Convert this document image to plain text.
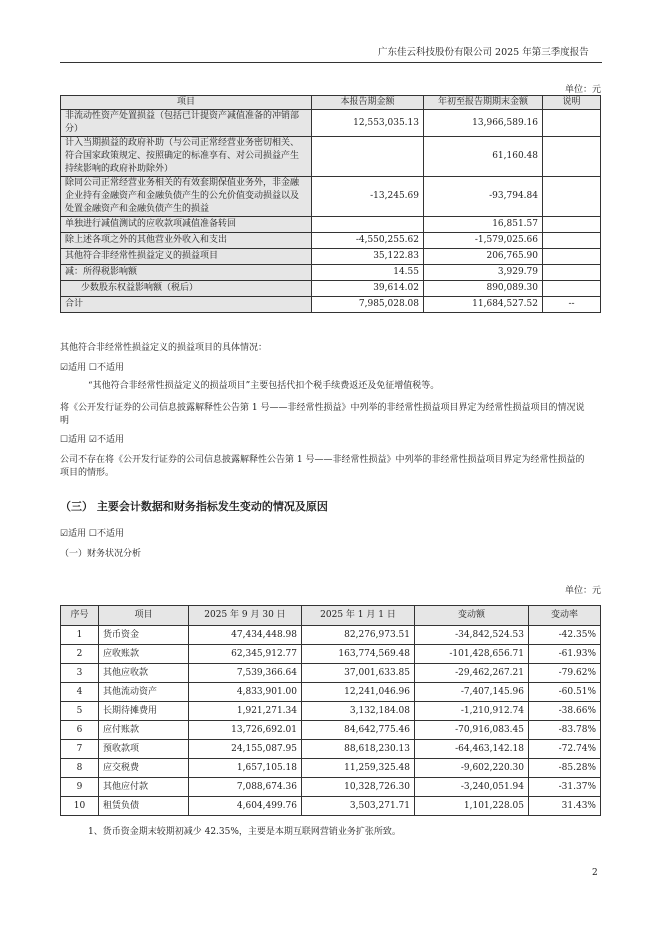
广东佳云科技股份有限公司 2025 年第三季度报告
单位：元
项目	本报告期金额	年初至报告期期末金额	说明
非流动性资产处置损益（包括已计提资产减值准备的冲销部分）	12,553,035.13	13,966,589.16	
计入当期损益的政府补助（与公司正常经营业务密切相关、符合国家政策规定、按照确定的标准享有、对公司损益产生持续影响的政府补助除外）		61,160.48	
除同公司正常经营业务相关的有效套期保值业务外，非金融企业持有金融资产和金融负债产生的公允价值变动损益以及处置金融资产和金融负债产生的损益	-13,245.69	-93,794.84	
单独进行减值测试的应收款项减值准备转回		16,851.57	
除上述各项之外的其他营业外收入和支出	-4,550,255.62	-1,579,025.66	
其他符合非经常性损益定义的损益项目	35,122.83	206,765.90	
减：所得税影响额	14.55	3,929.79	
少数股东权益影响额（税后）	39,614.02	890,089.30	
合计	7,985,028.08	11,684,527.52	--
其他符合非经常性损益定义的损益项目的具体情况：
☑适用 ☐不适用
“其他符合非经常性损益定义的损益项目”主要包括代扣个税手续费返还及免征增值税等。
将《公开发行证券的公司信息披露解释性公告第 1 号——非经常性损益》中列举的非经常性损益项目界定为经常性损益项目的情况说明
☐适用 ☑不适用
公司不存在将《公开发行证券的公司信息披露解释性公告第 1 号——非经常性损益》中列举的非经常性损益项目界定为经常性损益的项目的情形。
（三） 主要会计数据和财务指标发生变动的情况及原因
☑适用 ☐不适用
（一）财务状况分析
单位：元
序号	项目	2025 年 9 月 30 日	2025 年 1 月 1 日	变动额	变动率
1	货币资金	47,434,448.98	82,276,973.51	-34,842,524.53	-42.35%
2	应收账款	62,345,912.77	163,774,569.48	-101,428,656.71	-61.93%
3	其他应收款	7,539,366.64	37,001,633.85	-29,462,267.21	-79.62%
4	其他流动资产	4,833,901.00	12,241,046.96	-7,407,145.96	-60.51%
5	长期待摊费用	1,921,271.34	3,132,184.08	-1,210,912.74	-38.66%
6	应付账款	13,726,692.01	84,642,775.46	-70,916,083.45	-83.78%
7	预收款项	24,155,087.95	88,618,230.13	-64,463,142.18	-72.74%
8	应交税费	1,657,105.18	11,259,325.48	-9,602,220.30	-85.28%
9	其他应付款	7,088,674.36	10,328,726.30	-3,240,051.94	-31.37%
10	租赁负债	4,604,499.76	3,503,271.71	1,101,228.05	31.43%
1、货币资金期末较期初减少 42.35%，主要是本期互联网营销业务扩张所致。
2
